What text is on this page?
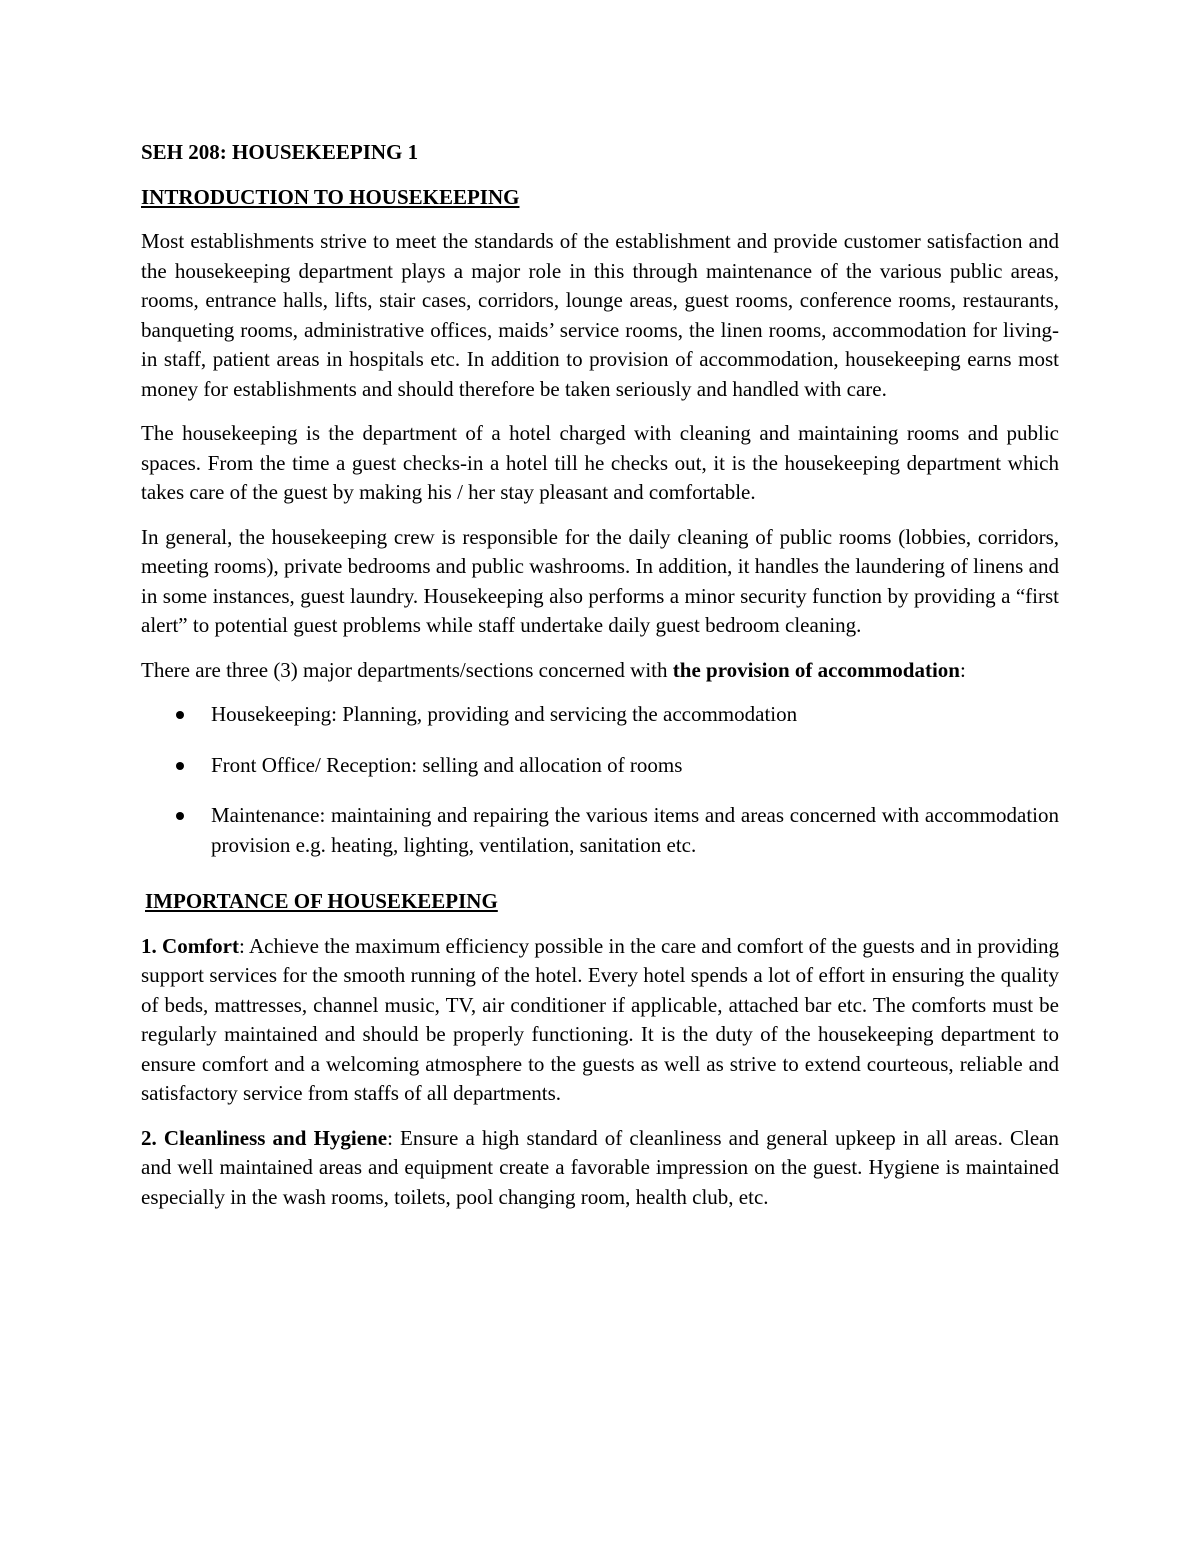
SEH 208: HOUSEKEEPING 1

INTRODUCTION TO HOUSEKEEPING

Most establishments strive to meet the standards of the establishment and provide customer satisfaction and the housekeeping department plays a major role in this through maintenance of the various public areas, rooms, entrance halls, lifts, stair cases, corridors, lounge areas, guest rooms, conference rooms, restaurants, banqueting rooms, administrative offices, maids’ service rooms, the linen rooms, accommodation for living-in staff, patient areas in hospitals etc. In addition to provision of accommodation, housekeeping earns most money for establishments and should therefore be taken seriously and handled with care.

The housekeeping is the department of a hotel charged with cleaning and maintaining rooms and public spaces. From the time a guest checks-in a hotel till he checks out, it is the housekeeping department which takes care of the guest by making his / her stay pleasant and comfortable.

In general, the housekeeping crew is responsible for the daily cleaning of public rooms (lobbies, corridors, meeting rooms), private bedrooms and public washrooms. In addition, it handles the laundering of linens and in some instances, guest laundry. Housekeeping also performs a minor security function by providing a “first alert” to potential guest problems while staff undertake daily guest bedroom cleaning.

There are three (3) major departments/sections concerned with the provision of accommodation:

Housekeeping: Planning, providing and servicing the accommodation
Front Office/ Reception: selling and allocation of rooms
Maintenance: maintaining and repairing the various items and areas concerned with accommodation provision e.g. heating, lighting, ventilation, sanitation etc.

IMPORTANCE OF HOUSEKEEPING

1. Comfort: Achieve the maximum efficiency possible in the care and comfort of the guests and in providing support services for the smooth running of the hotel. Every hotel spends a lot of effort in ensuring the quality of beds, mattresses, channel music, TV, air conditioner if applicable, attached bar etc. The comforts must be regularly maintained and should be properly functioning. It is the duty of the housekeeping department to ensure comfort and a welcoming atmosphere to the guests as well as strive to extend courteous, reliable and satisfactory service from staffs of all departments.

2. Cleanliness and Hygiene: Ensure a high standard of cleanliness and general upkeep in all areas. Clean and well maintained areas and equipment create a favorable impression on the guest. Hygiene is maintained especially in the wash rooms, toilets, pool changing room, health club, etc.
